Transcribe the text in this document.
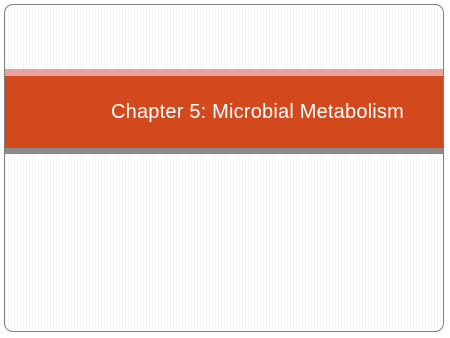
Chapter 5: Microbial Metabolism
